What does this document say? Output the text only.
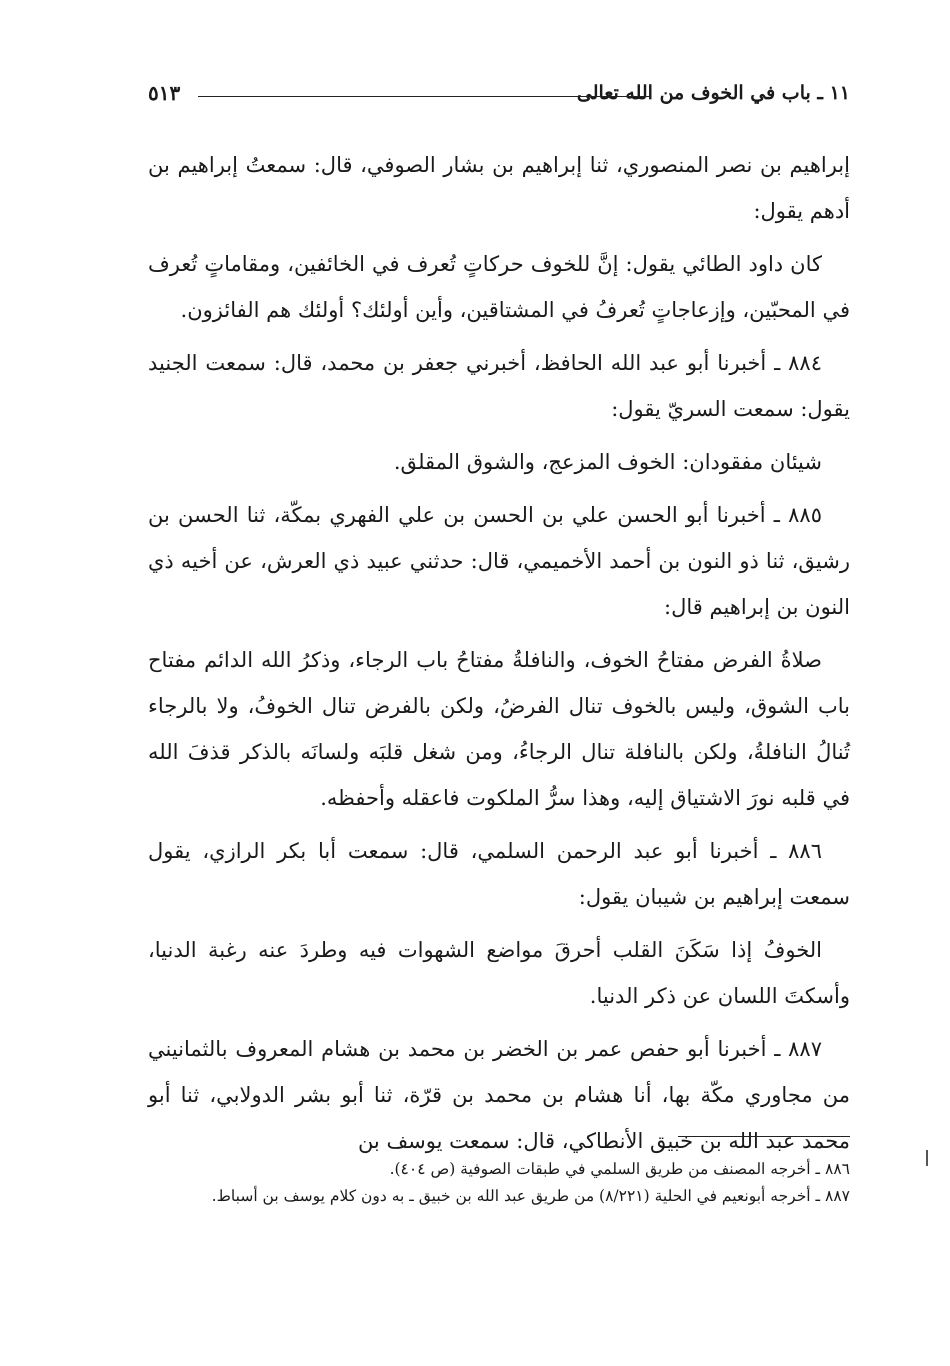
١١ ـ باب في الخوف من الله تعالى
٥١٣

إبراهيم بن نصر المنصوري، ثنا إبراهيم بن بشار الصوفي، قال: سمعتُ إبراهيم بن أدهم يقول:

كان داود الطائي يقول: إنَّ للخوف حركاتٍ تُعرف في الخائفين، ومقاماتٍ تُعرف في المحبّين، وإزعاجاتٍ تُعرفُ في المشتاقين، وأين أولئك؟ أولئك هم الفائزون.

٨٨٤ ـ أخبرنا أبو عبد الله الحافظ، أخبرني جعفر بن محمد، قال: سمعت الجنيد يقول: سمعت السريّ يقول:

شيئان مفقودان: الخوف المزعج، والشوق المقلق.

٨٨٥ ـ أخبرنا أبو الحسن علي بن الحسن بن علي الفهري بمكّة، ثنا الحسن بن رشيق، ثنا ذو النون بن أحمد الأخميمي، قال: حدثني عبيد ذي العرش، عن أخيه ذي النون بن إبراهيم قال:

صلاةُ الفرض مفتاحُ الخوف، والنافلةُ مفتاحُ باب الرجاء، وذكرُ الله الدائم مفتاح باب الشوق، وليس بالخوف تنال الفرضُ، ولكن بالفرض تنال الخوفُ، ولا بالرجاء تُنالُ النافلةُ، ولكن بالنافلة تنال الرجاءُ، ومن شغل قلبَه ولسانَه بالذكر قذفَ الله في قلبه نورَ الاشتياق إليه، وهذا سرُّ الملكوت فاعقله وأحفظه.

٨٨٦ ـ أخبرنا أبو عبد الرحمن السلمي، قال: سمعت أبا بكر الرازي، يقول سمعت إبراهيم بن شيبان يقول:

الخوفُ إذا سَكَنَ القلب أحرقَ مواضع الشهوات فيه وطردَ عنه رغبة الدنيا، وأسكتَ اللسان عن ذكر الدنيا.

٨٨٧ ـ أخبرنا أبو حفص عمر بن الخضر بن محمد بن هشام المعروف بالثمانيني من مجاوري مكّة بها، أنا هشام بن محمد بن قرّة، ثنا أبو بشر الدولابي، ثنا أبو محمد عبد الله بن خبيق الأنطاكي، قال: سمعت يوسف بن

٨٨٦ ـ أخرجه المصنف من طريق السلمي في طبقات الصوفية (ص ٤٠٤).

٨٨٧ ـ أخرجه أبونعيم في الحلية (٨/٢٢١) من طريق عبد الله بن خبيق ـ به دون كلام يوسف بن أسباط.
